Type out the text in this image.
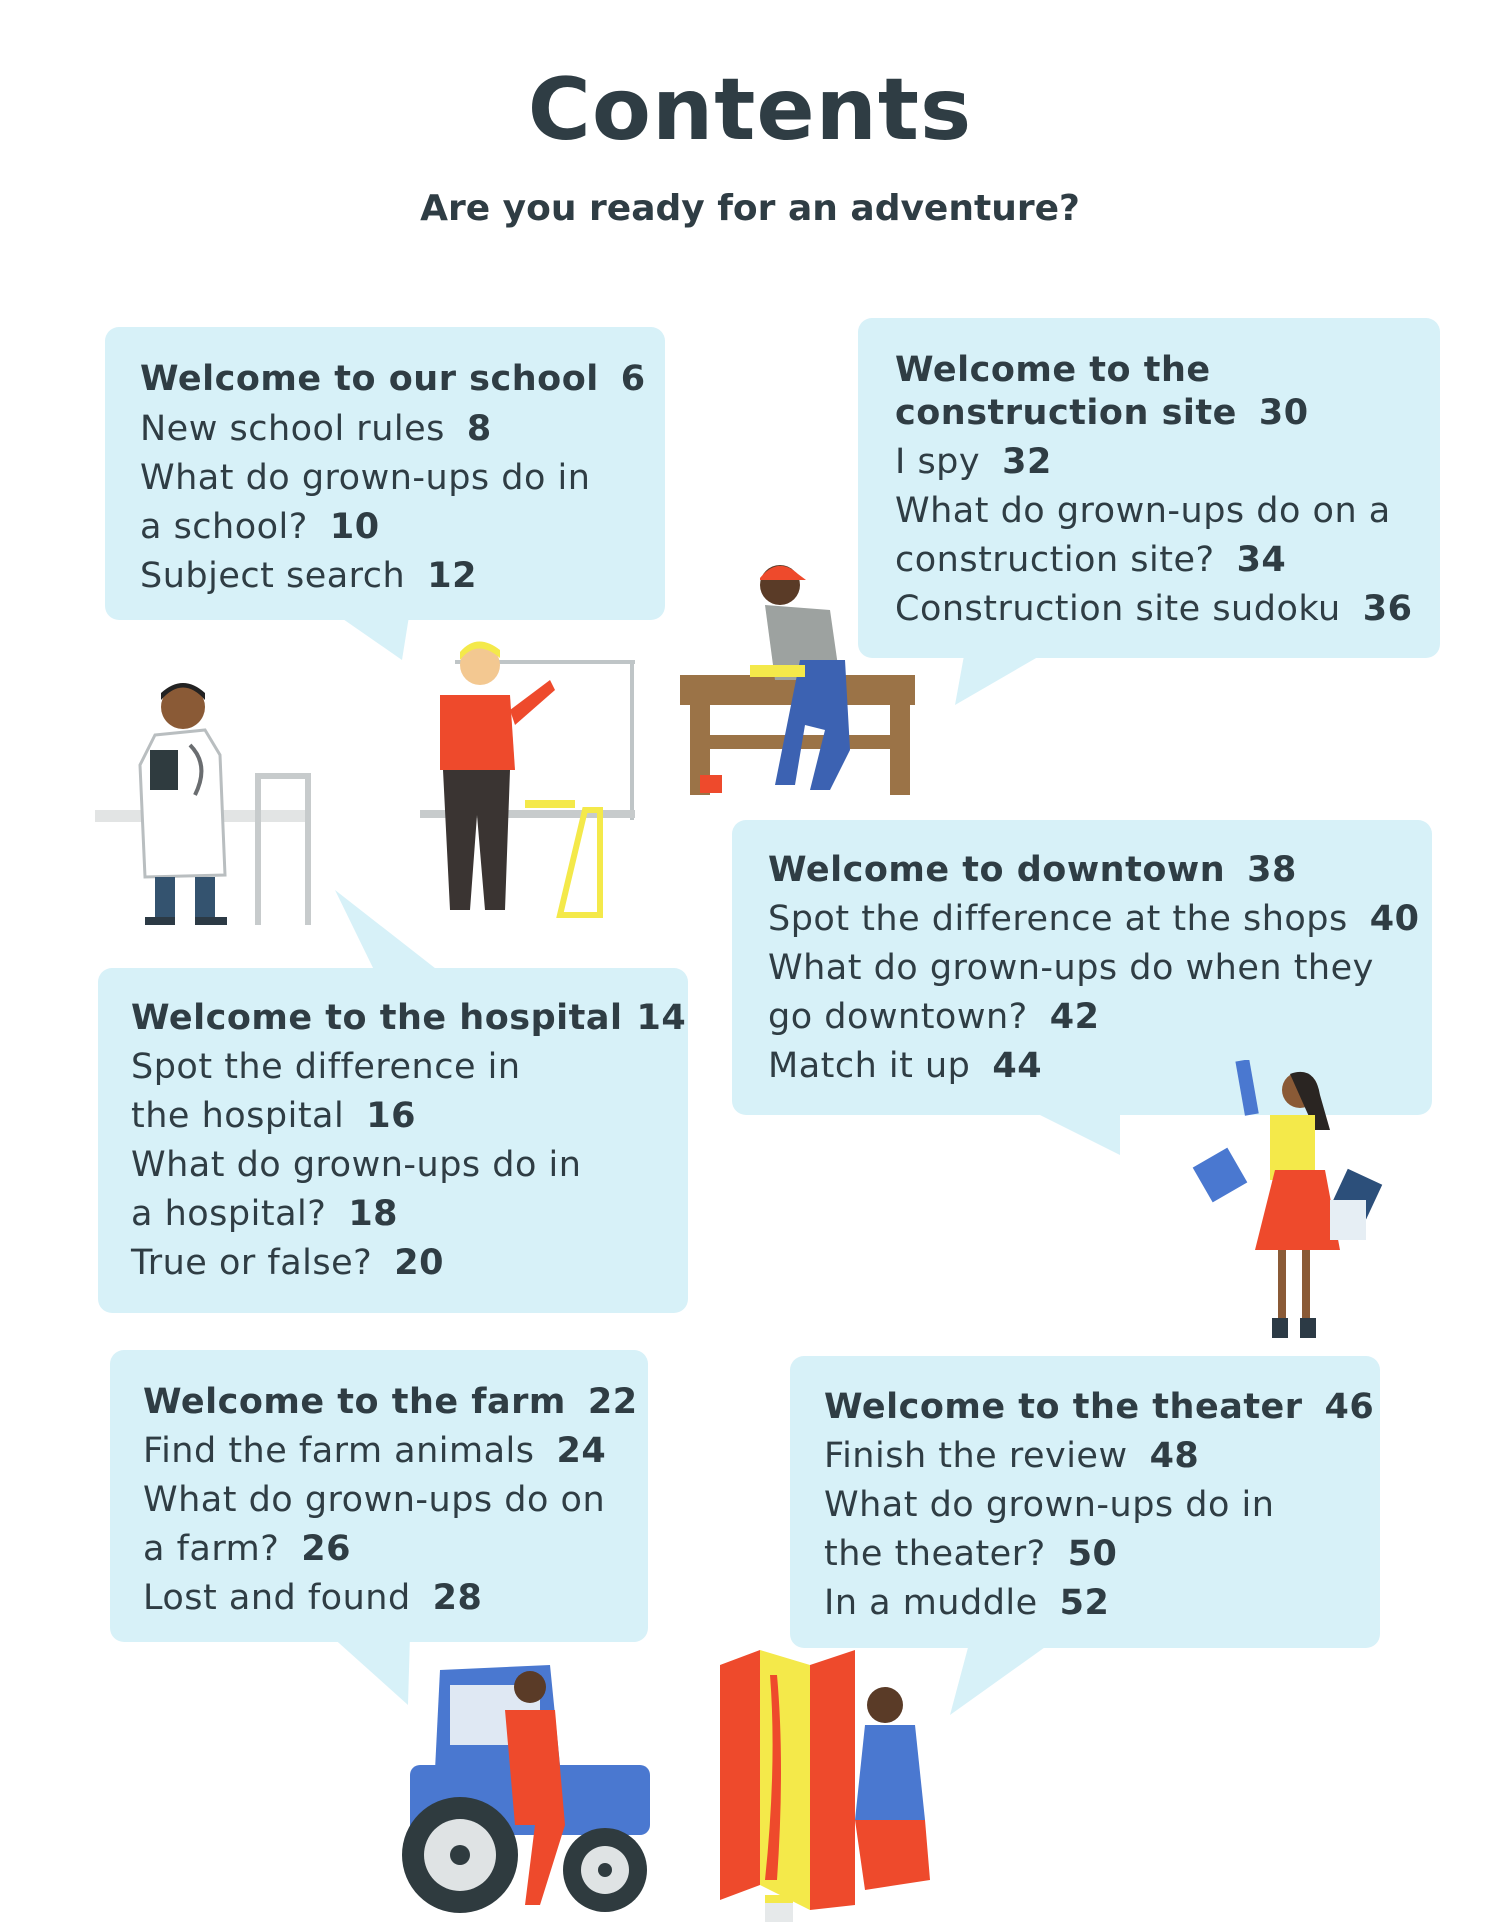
Contents
Are you ready for an adventure?
Welcome to our school 6
New school rules 8
What do grown-ups do in
a school? 10
Subject search 12
Welcome to the
construction site 30
I spy 32
What do grown-ups do on a
construction site? 34
Construction site sudoku 36
Welcome to the hospital 14
Spot the difference in
the hospital 16
What do grown-ups do in
a hospital? 18
True or false? 20
Welcome to downtown 38
Spot the difference at the shops 40
What do grown-ups do when they
go downtown? 42
Match it up 44
Welcome to the farm 22
Find the farm animals 24
What do grown-ups do on
a farm? 26
Lost and found 28
Welcome to the theater 46
Finish the review 48
What do grown-ups do in
the theater? 50
In a muddle 52
